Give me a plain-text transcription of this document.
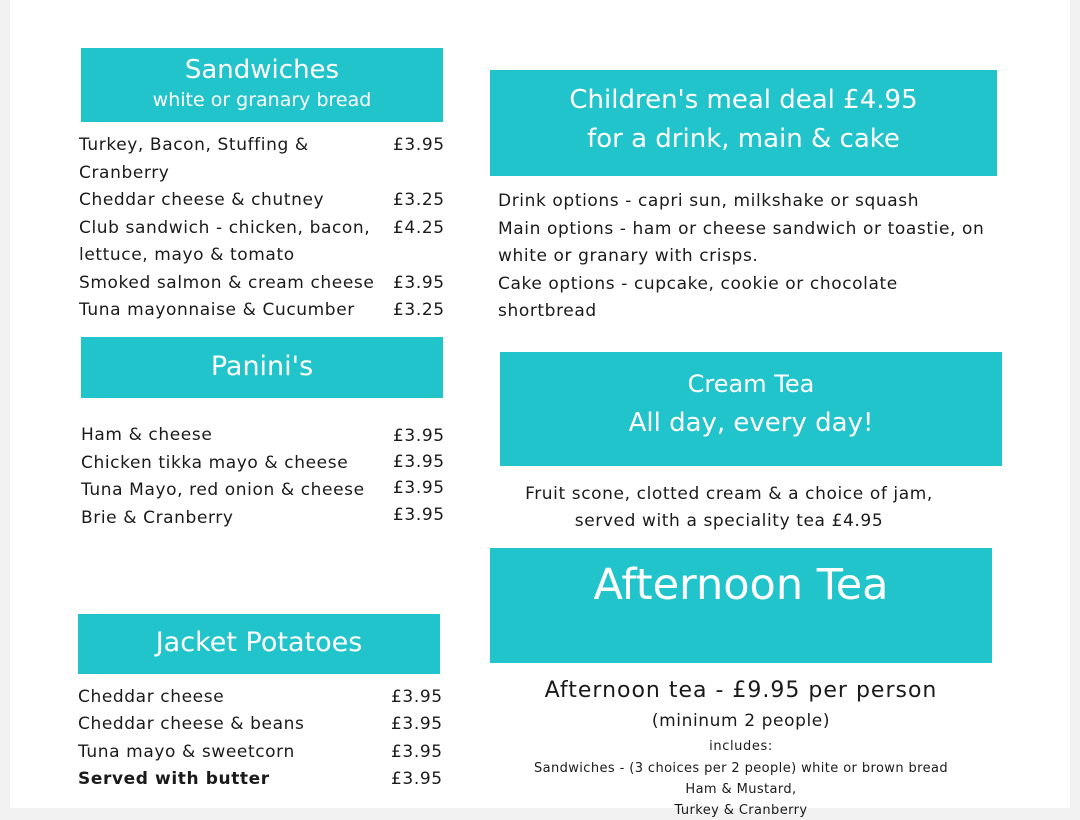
Sandwiches
white or granary bread
Turkey, Bacon, Stuffing &	£3.95
Cranberry
Cheddar cheese & chutney	£3.25
Club sandwich - chicken, bacon, £4.25
lettuce, mayo & tomato
Smoked salmon & cream cheese £3.95
Tuna mayonnaise & Cucumber £3.25
Panini's
Ham & cheese	£3.95
Chicken tikka mayo & cheese	£3.95
Tuna Mayo, red onion & cheese £3.95
Brie & Cranberry	£3.95
Jacket Potatoes
Cheddar cheese	£3.95
Cheddar cheese & beans	£3.95
Tuna mayo & sweetcorn	£3.95
Served with butter	£3.95
Children's meal deal £4.95
for a drink, main & cake
Drink options - capri sun, milkshake or squash
Main options - ham or cheese sandwich or toastie, on
white or granary with crisps.
Cake options - cupcake, cookie or chocolate
shortbread
Cream Tea
All day, every day!
Fruit scone, clotted cream & a choice of jam,
served with a speciality tea £4.95
Afternoon Tea
Afternoon tea - £9.95 per person
(mininum 2 people)
includes:
Sandwiches - (3 choices per 2 people) white or brown bread
Ham & Mustard,
Turkey & Cranberry
